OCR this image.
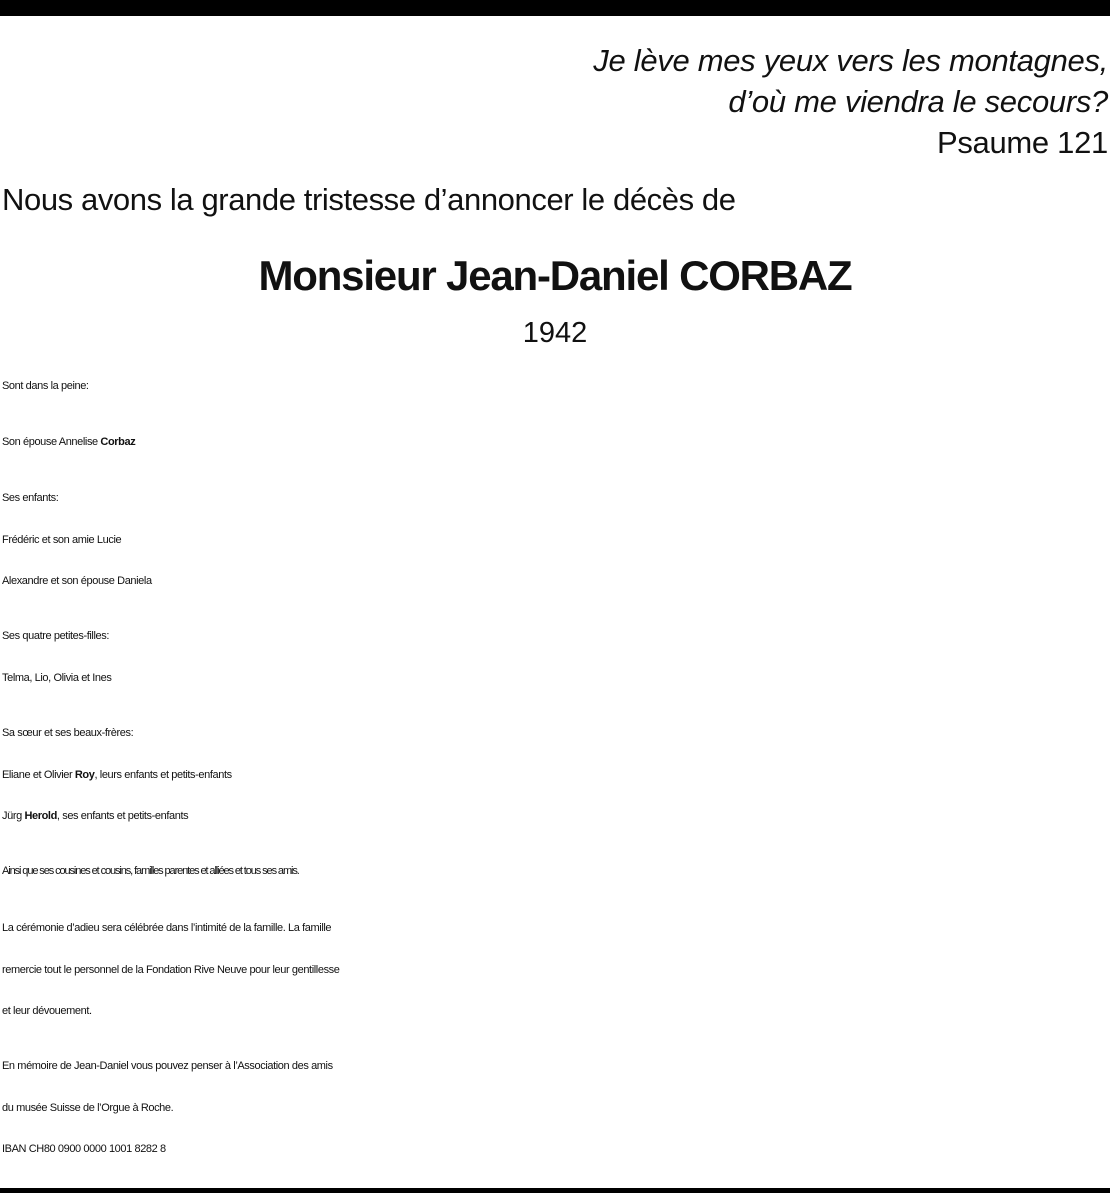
Je lève mes yeux vers les montagnes,
d’où me viendra le secours?
Psaume 121
Nous avons la grande tristesse d’annoncer le décès de
Monsieur Jean-Daniel CORBAZ
1942
Sont dans la peine:
Son épouse Annelise Corbaz
Ses enfants:
Frédéric et son amie Lucie
Alexandre et son épouse Daniela
Ses quatre petites-filles:
Telma, Lio, Olivia et Ines
Sa sœur et ses beaux-frères:
Eliane et Olivier Roy, leurs enfants et petits-enfants
Jürg Herold, ses enfants et petits-enfants
Ainsi que ses cousines et cousins, familles parentes et alliées et tous ses amis.
La cérémonie d’adieu sera célébrée dans l’intimité de la famille. La famille
remercie tout le personnel de la Fondation Rive Neuve pour leur gentillesse
et leur dévouement.
En mémoire de Jean-Daniel vous pouvez penser à l’Association des amis
du musée Suisse de l’Orgue à Roche.
IBAN CH80 0900 0000 1001 8282 8
